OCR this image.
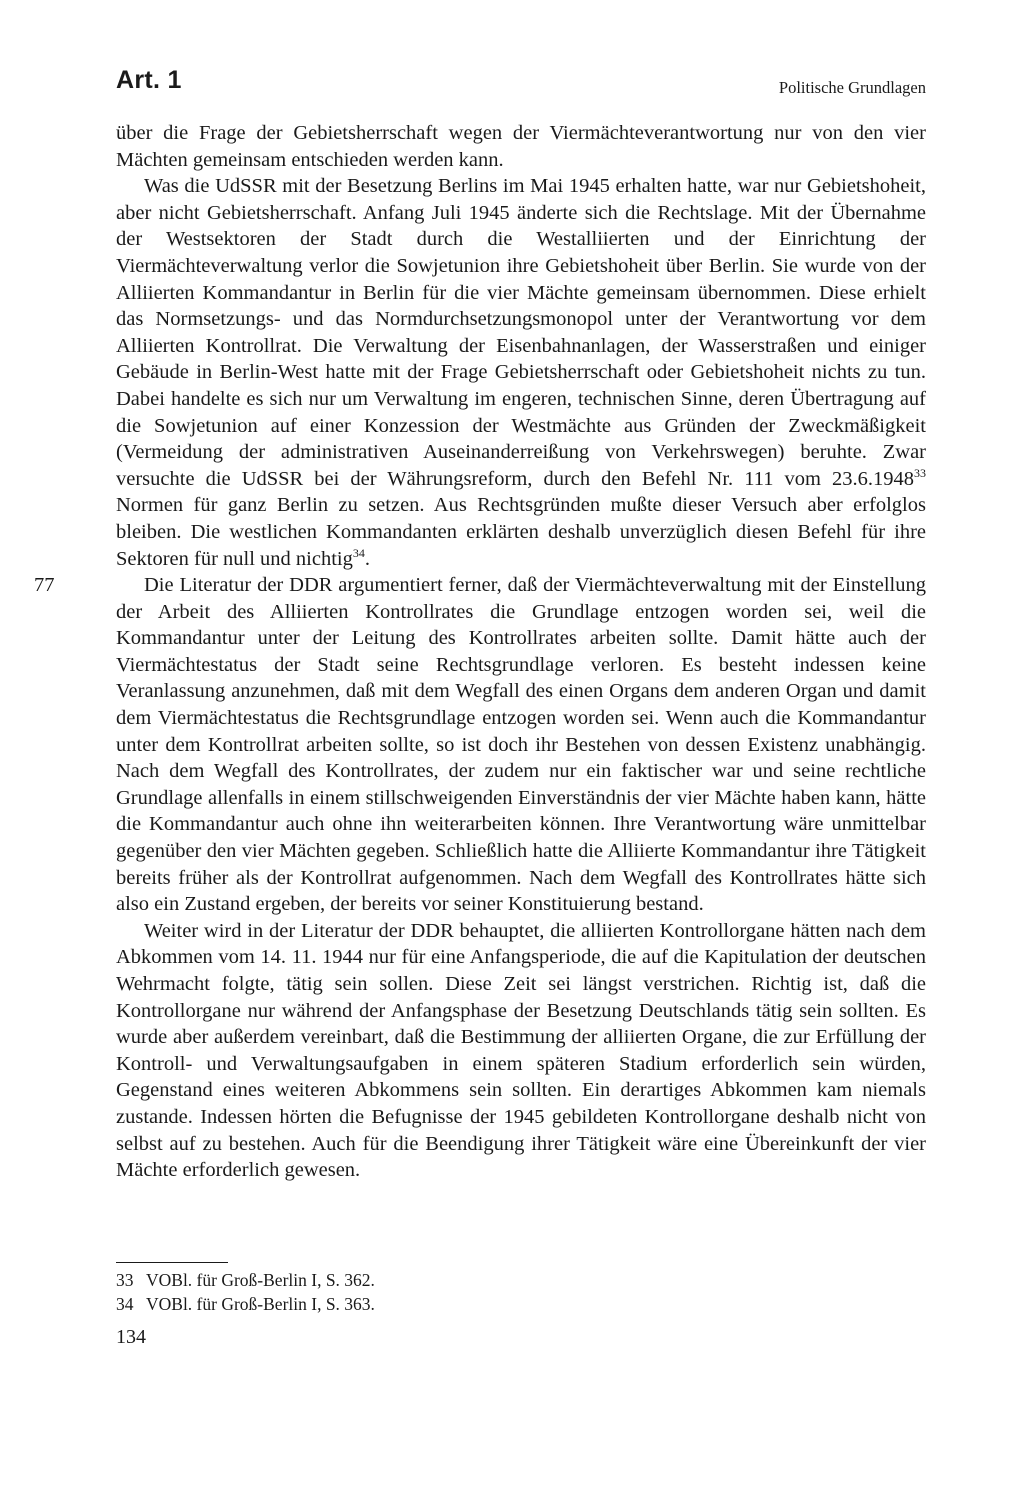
Art. 1	Politische Grundlagen

über die Frage der Gebietsherrschaft wegen der Viermächteverantwortung nur von den vier Mächten gemeinsam entschieden werden kann.

Was die UdSSR mit der Besetzung Berlins im Mai 1945 erhalten hatte, war nur Gebietshoheit, aber nicht Gebietsherrschaft. Anfang Juli 1945 änderte sich die Rechtslage. Mit der Übernahme der Westsektoren der Stadt durch die Westalliierten und der Einrichtung der Viermächteverwaltung verlor die Sowjetunion ihre Gebietshoheit über Berlin. Sie wurde von der Alliierten Kommandantur in Berlin für die vier Mächte gemeinsam übernommen. Diese erhielt das Normsetzungs- und das Normdurchsetzungsmonopol unter der Verantwortung vor dem Alliierten Kontrollrat. Die Verwaltung der Eisenbahnanlagen, der Wasserstraßen und einiger Gebäude in Berlin-West hatte mit der Frage Gebietsherrschaft oder Gebietshoheit nichts zu tun. Dabei handelte es sich nur um Verwaltung im engeren, technischen Sinne, deren Übertragung auf die Sowjetunion auf einer Konzession der Westmächte aus Gründen der Zweckmäßigkeit (Vermeidung der administrativen Auseinanderreißung von Verkehrswegen) beruhte. Zwar versuchte die UdSSR bei der Währungsreform, durch den Befehl Nr. 111 vom 23.6.1948$^{33}$ Normen für ganz Berlin zu setzen. Aus Rechtsgründen mußte dieser Versuch aber erfolglos bleiben. Die westlichen Kommandanten erklärten deshalb unverzüglich diesen Befehl für ihre Sektoren für null und nichtig$^{34}$.

77	Die Literatur der DDR argumentiert ferner, daß der Viermächteverwaltung mit der Einstellung der Arbeit des Alliierten Kontrollrates die Grundlage entzogen worden sei, weil die Kommandantur unter der Leitung des Kontrollrates arbeiten sollte. Damit hätte auch der Viermächtestatus der Stadt seine Rechtsgrundlage verloren. Es besteht indessen keine Veranlassung anzunehmen, daß mit dem Wegfall des einen Organs dem anderen Organ und damit dem Viermächtestatus die Rechtsgrundlage entzogen worden sei. Wenn auch die Kommandantur unter dem Kontrollrat arbeiten sollte, so ist doch ihr Bestehen von dessen Existenz unabhängig. Nach dem Wegfall des Kontrollrates, der zudem nur ein faktischer war und seine rechtliche Grundlage allenfalls in einem stillschweigenden Einverständnis der vier Mächte haben kann, hätte die Kommandantur auch ohne ihn weiterarbeiten können. Ihre Verantwortung wäre unmittelbar gegenüber den vier Mächten gegeben. Schließlich hatte die Alliierte Kommandantur ihre Tätigkeit bereits früher als der Kontrollrat aufgenommen. Nach dem Wegfall des Kontrollrates hätte sich also ein Zustand ergeben, der bereits vor seiner Konstituierung bestand.

Weiter wird in der Literatur der DDR behauptet, die alliierten Kontrollorgane hätten nach dem Abkommen vom 14. 11. 1944 nur für eine Anfangsperiode, die auf die Kapitulation der deutschen Wehrmacht folgte, tätig sein sollen. Diese Zeit sei längst verstrichen. Richtig ist, daß die Kontrollorgane nur während der Anfangsphase der Besetzung Deutschlands tätig sein sollten. Es wurde aber außerdem vereinbart, daß die Bestimmung der alliierten Organe, die zur Erfüllung der Kontroll- und Verwaltungsaufgaben in einem späteren Stadium erforderlich sein würden, Gegenstand eines weiteren Abkommens sein sollten. Ein derartiges Abkommen kam niemals zustande. Indessen hörten die Befugnisse der 1945 gebildeten Kontrollorgane deshalb nicht von selbst auf zu bestehen. Auch für die Beendigung ihrer Tätigkeit wäre eine Übereinkunft der vier Mächte erforderlich gewesen.

33 VOBl. für Groß-Berlin I, S. 362.
34 VOBl. für Groß-Berlin I, S. 363.
134
